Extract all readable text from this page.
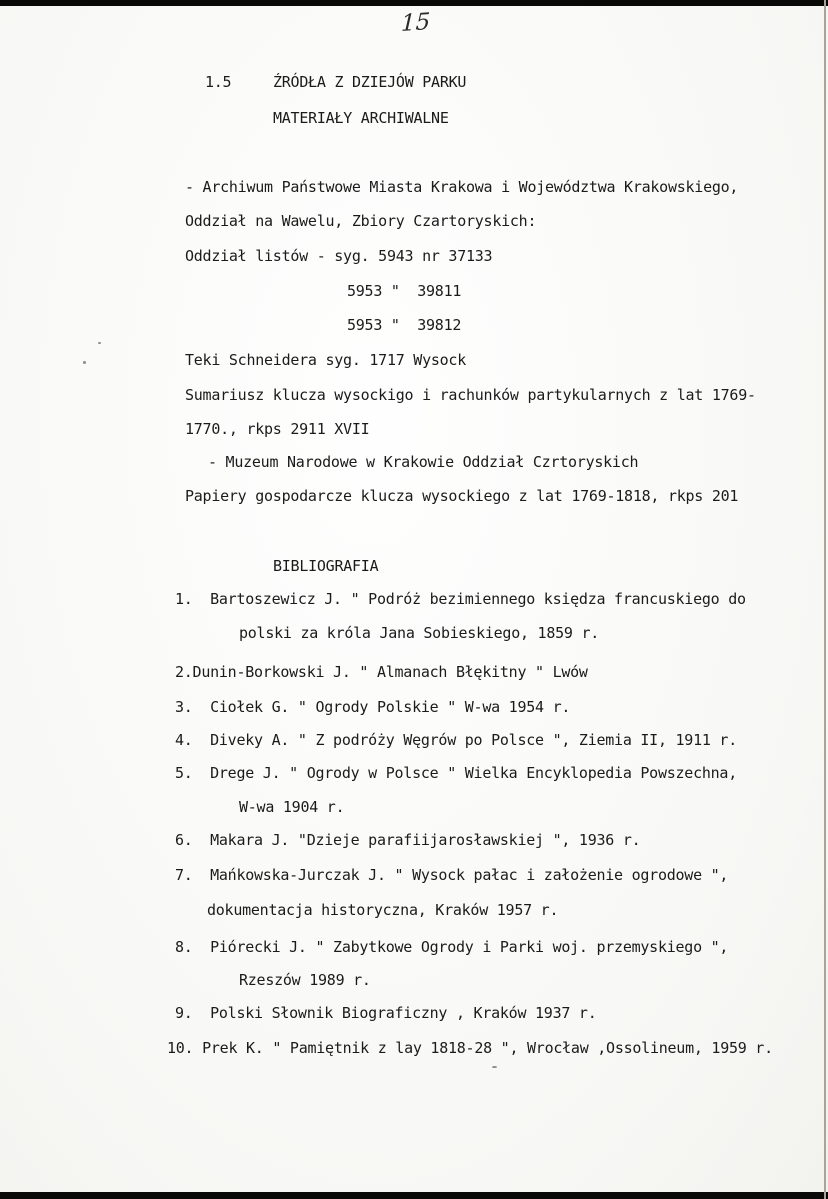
15
1.5	ŹRÓDŁA Z DZIEJÓW PARKU
MATERIAŁY ARCHIWALNE
- Archiwum Państwowe Miasta Krakowa i Województwa Krakowskiego,
Oddział na Wawelu, Zbiory Czartoryskich:
Oddział listów - syg. 5943 nr 37133
5953 "  39811
5953 "  39812
Teki Schneidera syg. 1717 Wysock
Sumariusz klucza wysockigo i rachunków partykularnych z lat 1769-
1770., rkps 2911 XVII
- Muzeum Narodowe w Krakowie Oddział Czrtoryskich
Papiery gospodarcze klucza wysockiego z lat 1769-1818, rkps 201
BIBLIOGRAFIA
1.  Bartoszewicz J. " Podróż bezimiennego księdza francuskiego do
polski za króla Jana Sobieskiego, 1859 r.
2.Dunin-Borkowski J. " Almanach Błękitny " Lwów
3.  Ciołek G. " Ogrody Polskie " W-wa 1954 r.
4.  Diveky A. " Z podróży Węgrów po Polsce ", Ziemia II, 1911 r.
5.  Drege J. " Ogrody w Polsce " Wielka Encyklopedia Powszechna,
W-wa 1904 r.
6.  Makara J. "Dzieje parafiijarosławskiej ", 1936 r.
7.  Mańkowska-Jurczak J. " Wysock pałac i założenie ogrodowe ",
dokumentacja historyczna, Kraków 1957 r.
8.  Piórecki J. " Zabytkowe Ogrody i Parki woj. przemyskiego ",
Rzeszów 1989 r.
9.  Polski Słownik Biograficzny , Kraków 1937 r.
10. Prek K. " Pamiętnik z lay 1818-28 ", Wrocław ,Ossolineum, 1959 r.
